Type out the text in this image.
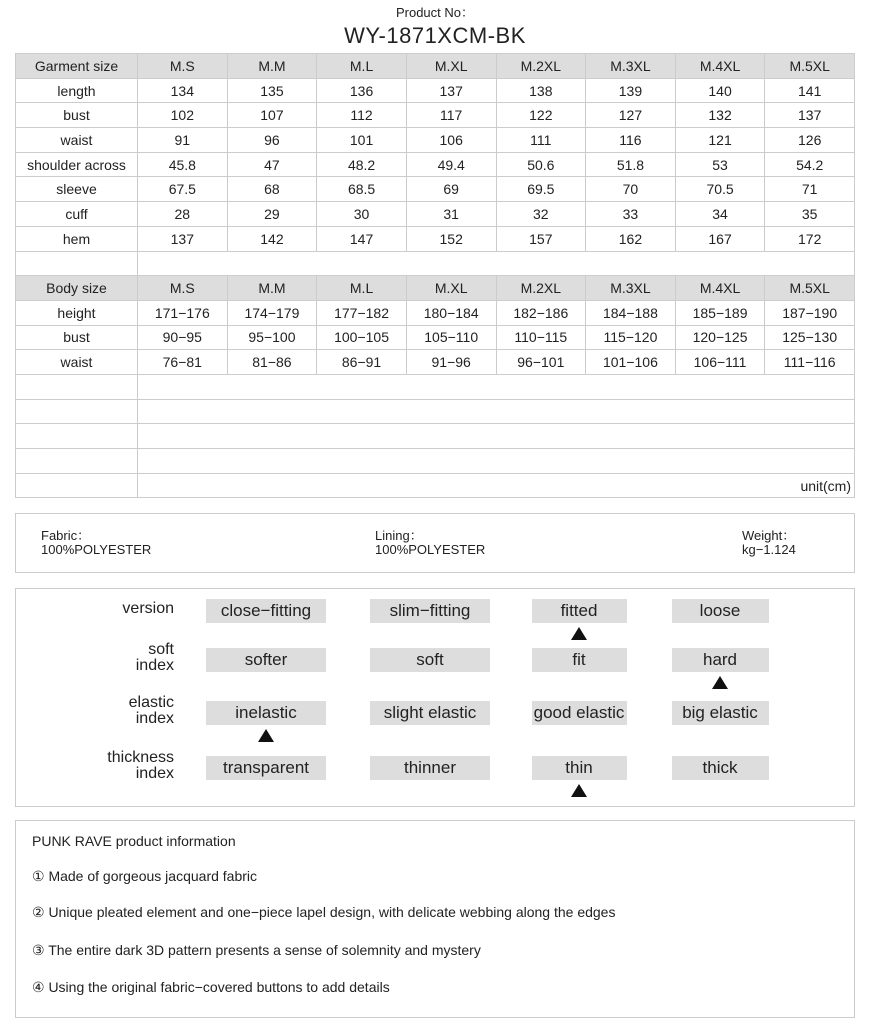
Product No：
WY-1871XCM-BK
Garment size	M.S	M.M	M.L	M.XL	M.2XL	M.3XL	M.4XL	M.5XL
length	134	135	136	137	138	139	140	141
bust	102	107	112	117	122	127	132	137
waist	91	96	101	106	111	116	121	126
shoulder across	45.8	47	48.2	49.4	50.6	51.8	53	54.2
sleeve	67.5	68	68.5	69	69.5	70	70.5	71
cuff	28	29	30	31	32	33	34	35
hem	137	142	147	152	157	162	167	172

Body size	M.S	M.M	M.L	M.XL	M.2XL	M.3XL	M.4XL	M.5XL
height	171−176	174−179	177−182	180−184	182−186	184−188	185−189	187−190
bust	90−95	95−100	100−105	105−110	110−115	115−120	120−125	125−130
waist	76−81	81−86	86−91	91−96	96−101	101−106	106−111	111−116

	unit(cm)							
Fabric：
100%POLYESTER
Lining：
100%POLYESTER
Weight：
kg−1.124
version	close−fitting	slim−fitting	fitted	loose
soft
index	softer	soft	fit	hard
elastic
index	inelastic	slight elastic	good elastic	big elastic
thickness
index	transparent	thinner	thin	thick
PUNK RAVE product information
① Made of gorgeous jacquard fabric
② Unique pleated element and one−piece lapel design, with delicate webbing along the edges
③ The entire dark 3D pattern presents a sense of solemnity and mystery
④ Using the original fabric−covered buttons to add details
